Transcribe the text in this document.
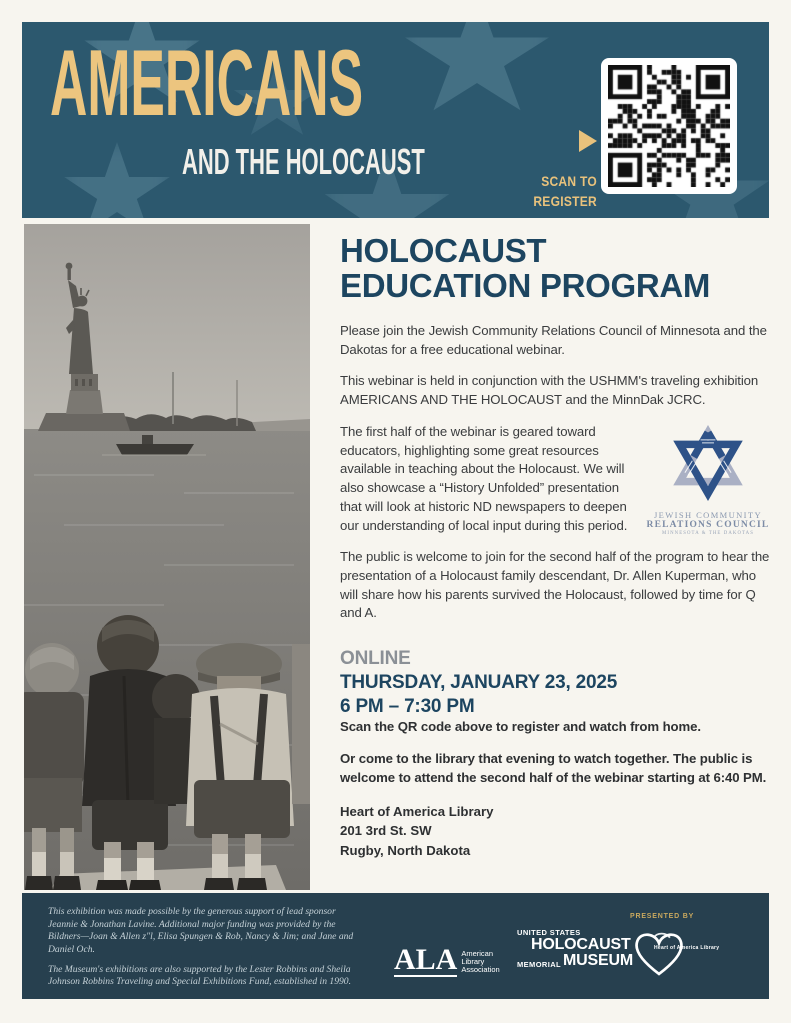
AMERICANS
AND THE HOLOCAUST	SCAN TO
REGISTER
HOLOCAUST
EDUCATION PROGRAM

Please join the Jewish Community Relations Council of Minnesota and the Dakotas for a free educational webinar.

This webinar is held in conjunction with the USHMM's traveling exhibition AMERICANS AND THE HOLOCAUST and the MinnDak JCRC.

JEWISH COMMUNITY
RELATIONS COUNCIL
MINNESOTA & THE DAKOTAS

The first half of the webinar is geared toward educators, highlighting some great resources available in teaching about the Holocaust. We will also showcase a “History Unfolded” presentation that will look at historic ND newspapers to deepen our understanding of local input during this period.

The public is welcome to join for the second half of the program to hear the presentation of a Holocaust family descendant, Dr. Allen Kuperman, who will share how his parents survived the Holocaust, followed by time for Q and A.

ONLINE
THURSDAY, JANUARY 23, 2025
6 PM – 7:30 PM

Scan the QR code above to register and watch from home.

Or come to the library that evening to watch together. The public is welcome to attend the second half of the webinar starting at 6:40 PM.

Heart of America Library
201 3rd St. SW
Rugby, North Dakota

This exhibition was made possible by the generous support of lead sponsor Jeannie & Jonathan Lavine. Additional major funding was provided by the Bildners—Joan & Allen z"l, Elisa Spungen & Rob, Nancy & Jim; and Jane and Daniel Och.

The Museum's exhibitions are also supported by the Lester Robbins and Sheila Johnson Robbins Traveling and Special Exhibitions Fund, established in 1990.

ALA American
Library
Association
UNITED STATES
HOLOCAUST
MEMORIAL MUSEUM
PRESENTED BY
Heart of America Library
